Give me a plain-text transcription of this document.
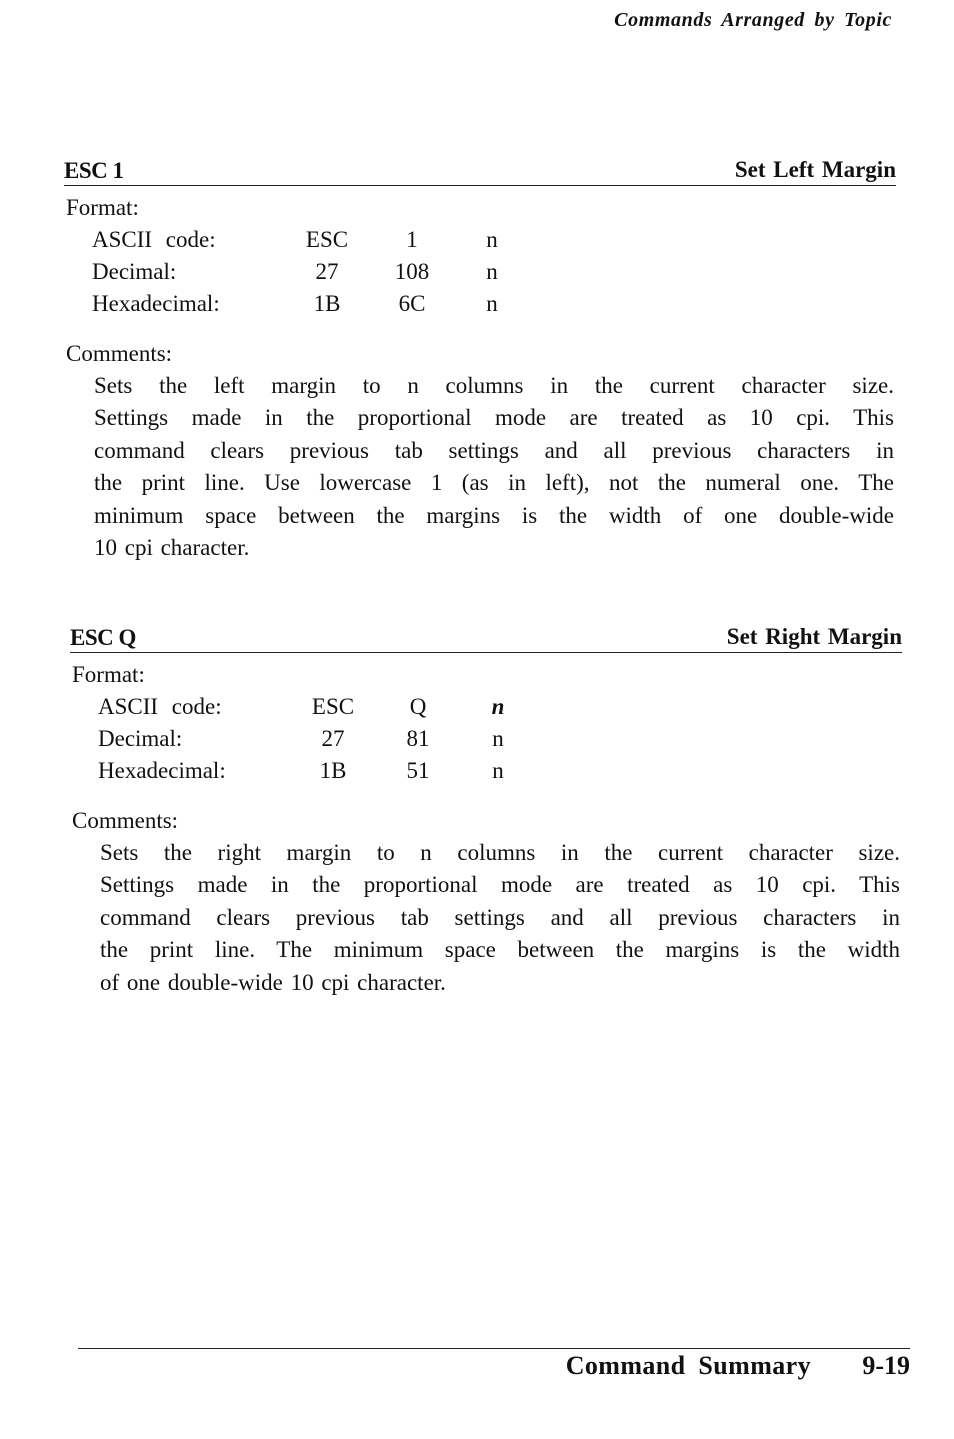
Commands Arranged by Topic
ESC 1	Set Left Margin
Format:
ASCII code:	ESC	1	n
Decimal:	27	108	n
Hexadecimal:	1B	6C	n
Comments:
Sets the left margin to n columns in the current character size.
Settings made in the proportional mode are treated as 10 cpi. This
command clears previous tab settings and all previous characters in
the print line. Use lowercase 1 (as in left), not the numeral one. The
minimum space between the margins is the width of one double-wide
10 cpi character.
ESC Q	Set Right Margin
Format:
ASCII code:	ESC	Q	n
Decimal:	27	81	n
Hexadecimal:	1B	51	n
Comments:
Sets the right margin to n columns in the current character size.
Settings made in the proportional mode are treated as 10 cpi. This
command clears previous tab settings and all previous characters in
the print line. The minimum space between the margins is the width
of one double-wide 10 cpi character.
Command Summary 9-19
